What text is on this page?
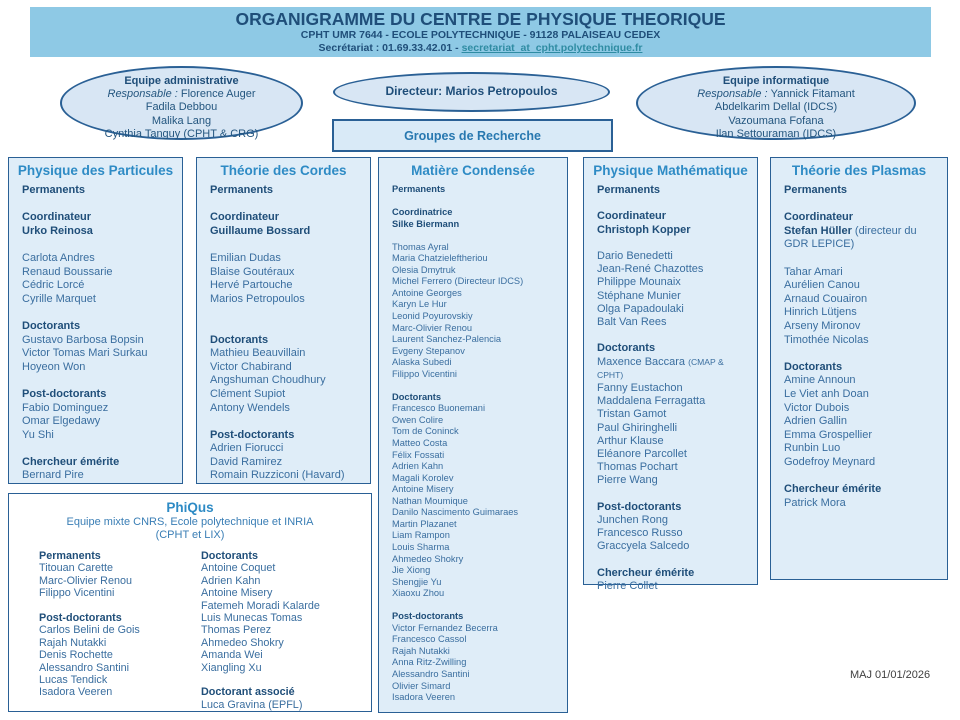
ORGANIGRAMME DU CENTRE DE PHYSIQUE THEORIQUE
CPHT UMR 7644 - ECOLE POLYTECHNIQUE - 91128 PALAISEAU CEDEX
Secrétariat : 01.69.33.42.01 - secretariat_at_cpht.polytechnique.fr
Equipe administrative
Responsable : Florence Auger
Fadila Debbou
Malika Lang
Cynthia Tanguy (CPHT & CRG)
Directeur: Marios Petropoulos
Equipe informatique
Responsable : Yannick Fitamant
Abdelkarim Dellal (IDCS)
Vazoumana Fofana
Ilan Settouraman (IDCS)
Groupes de Recherche
Physique des Particules
Permanents

Coordinateur
Urko Reinosa

Carlota Andres
Renaud Boussarie
Cédric Lorcé
Cyrille Marquet

Doctorants
Gustavo Barbosa Bopsin
Victor Tomas Mari Surkau
Hoyeon Won

Post-doctorants
Fabio Dominguez
Omar Elgedawy
Yu Shi

Chercheur émérite
Bernard Pire
Théorie des Cordes
Permanents

Coordinateur
Guillaume Bossard

Emilian Dudas
Blaise Goutéraux
Hervé Partouche
Marios Petropoulos

Doctorants
Mathieu Beauvillain
Victor Chabirand
Angshuman Choudhury
Clément Supiot
Antony Wendels

Post-doctorants
Adrien Fiorucci
David Ramirez
Romain Ruzziconi (Havard)
Matière Condensée
Permanents

Coordinatrice
Silke Biermann

Thomas Ayral
Maria Chatzieleftheriou
Olesia Dmytruk
Michel Ferrero (Directeur IDCS)
Antoine Georges
Karyn Le Hur
Leonid Poyurovskiy
Marc-Olivier Renou
Laurent Sanchez-Palencia
Evgeny Stepanov
Alaska Subedi
Filippo Vicentini

Doctorants
Francesco Buonemani
Owen Colire
Tom de Coninck
Matteo Costa
Félix Fossati
Adrien Kahn
Magali Korolev
Antoine Misery
Nathan Moumique
Danilo Nascimento Guimaraes
Martin Plazanet
Liam Rampon
Louis Sharma
Ahmedeo Shokry
Jie Xiong
Shengjie Yu
Xiaoxu Zhou

Post-doctorants
Victor Fernandez Becerra
Francesco Cassol
Rajah Nutakki
Anna Ritz-Zwilling
Alessandro Santini
Olivier Simard
Isadora Veeren
Physique Mathématique
Permanents

Coordinateur
Christoph Kopper

Dario Benedetti
Jean-René Chazottes
Philippe Mounaix
Stéphane Munier
Olga Papadoulaki
Balt Van Rees

Doctorants
Maxence Baccara (CMAP & CPHT)
Fanny Eustachon
Maddalena Ferragatta
Tristan Gamot
Paul Ghiringhelli
Arthur Klause
Eléanore Parcollet
Thomas Pochart
Pierre Wang

Post-doctorants
Junchen Rong
Francesco Russo
Graccyela Salcedo

Chercheur émérite
Pierre Collet
Théorie des Plasmas
Permanents

Coordinateur
Stefan Hüller (directeur du GDR LEPICE)

Tahar Amari
Aurélien Canou
Arnaud Couairon
Hinrich Lütjens
Arseny Mironov
Timothée Nicolas

Doctorants
Amine Announ
Le Viet anh Doan
Victor Dubois
Adrien Gallin
Emma Grospellier
Runbin Luo
Godefroy Meynard

Chercheur émérite
Patrick Mora
PhiQus
Equipe mixte CNRS, Ecole polytechnique et INRIA
(CPHT et LIX)
Permanents
Titouan Carette
Marc-Olivier Renou
Filippo Vicentini

Post-doctorants
Carlos Belini de Gois
Rajah Nutakki
Denis Rochette
Alessandro Santini
Lucas Tendick
Isadora Veeren
Doctorants
Antoine Coquet
Adrien Kahn
Antoine Misery
Fatemeh Moradi Kalarde
Luis Munecas Tomas
Thomas Perez
Ahmedeo Shokry
Amanda Wei
Xiangling Xu

Doctorant associé
Luca Gravina (EPFL)
MAJ 01/01/2026
